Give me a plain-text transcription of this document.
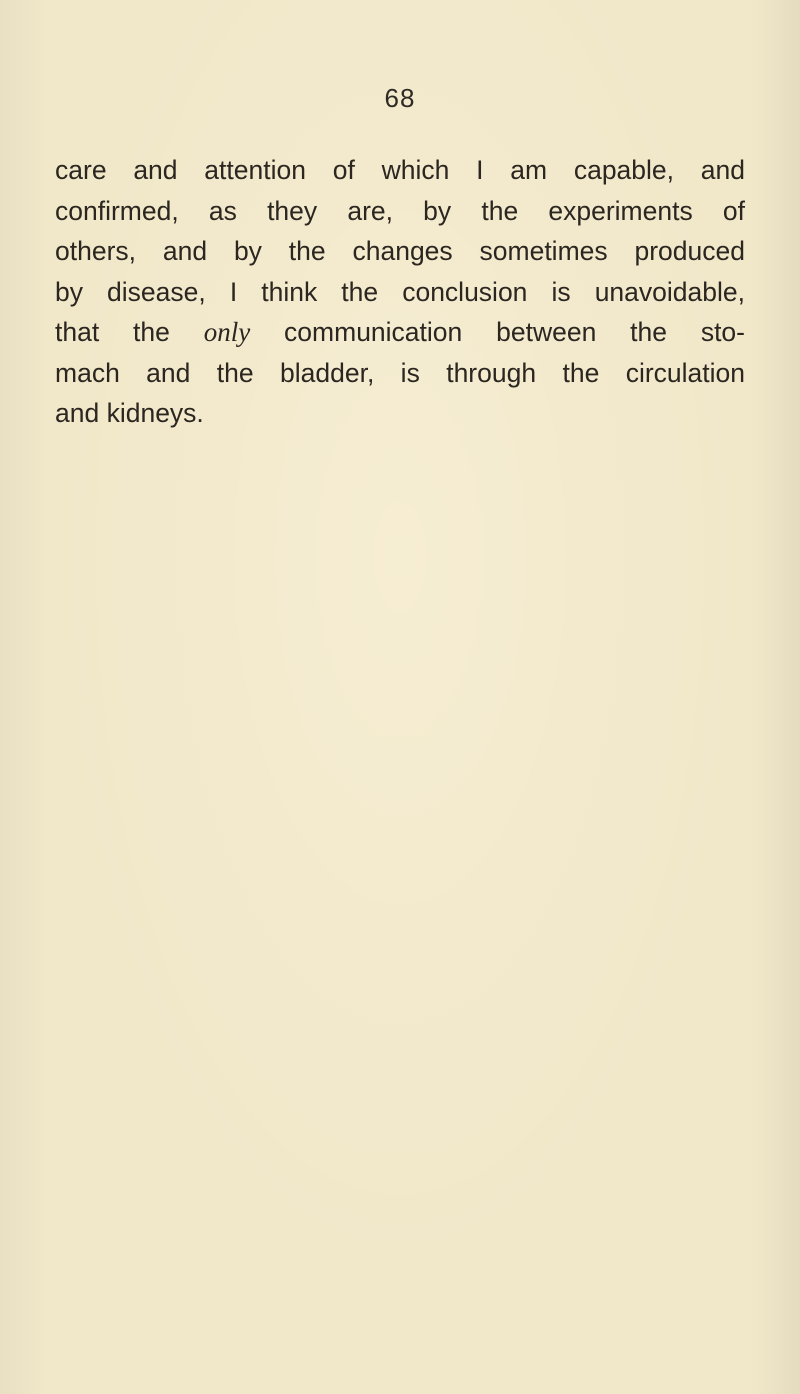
68
care and attention of which I am capable, and
confirmed, as they are, by the experiments of
others, and by the changes sometimes produced
by disease, I think the conclusion is unavoidable,
that the only communication between the sto-
mach and the bladder, is through the circulation
and kidneys.
